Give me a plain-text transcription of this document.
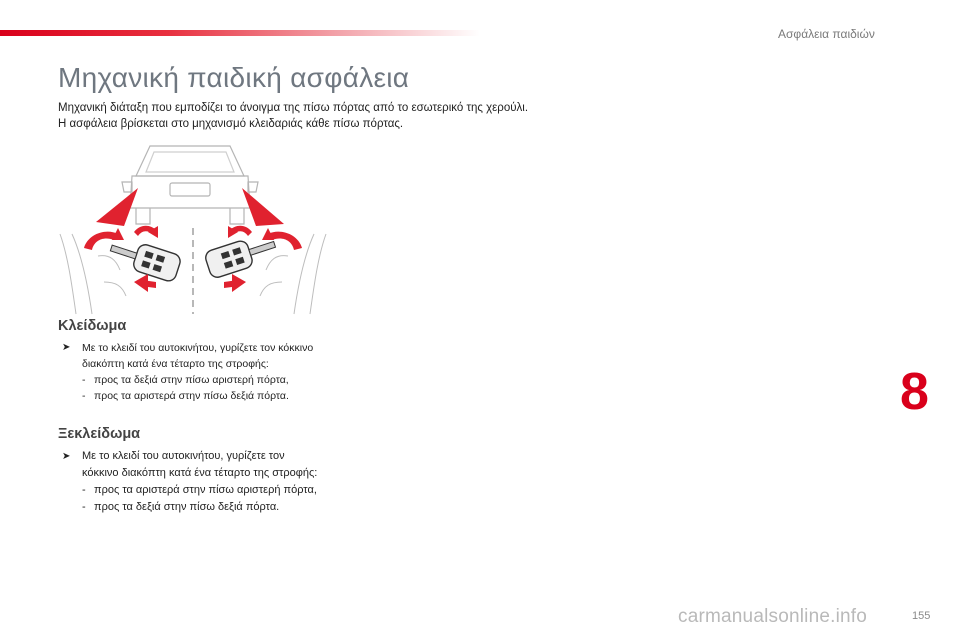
Ασφάλεια παιδιών
Μηχανική παιδική ασφάλεια

Μηχανική διάταξη που εμποδίζει το άνοιγμα της πίσω πόρτας από το εσωτερικό της χερούλι.

Η ασφάλεια βρίσκεται στο μηχανισμό κλειδαριάς κάθε πίσω πόρτας.

Κλείδωμα
➤	Με το κλειδί του αυτοκινήτου, γυρίζετε τον κόκκινο διακόπτη κατά ένα τέταρτο της στροφής:
- προς τα δεξιά στην πίσω αριστερή πόρτα,
- προς τα αριστερά στην πίσω δεξιά πόρτα.
Ξεκλείδωμα
➤	Με το κλειδί του αυτοκινήτου, γυρίζετε τον κόκκινο διακόπτη κατά ένα τέταρτο της στροφής:
- προς τα αριστερά στην πίσω αριστερή πόρτα,
- προς τα δεξιά στην πίσω δεξιά πόρτα.
8
155
carmanualsonline.info
